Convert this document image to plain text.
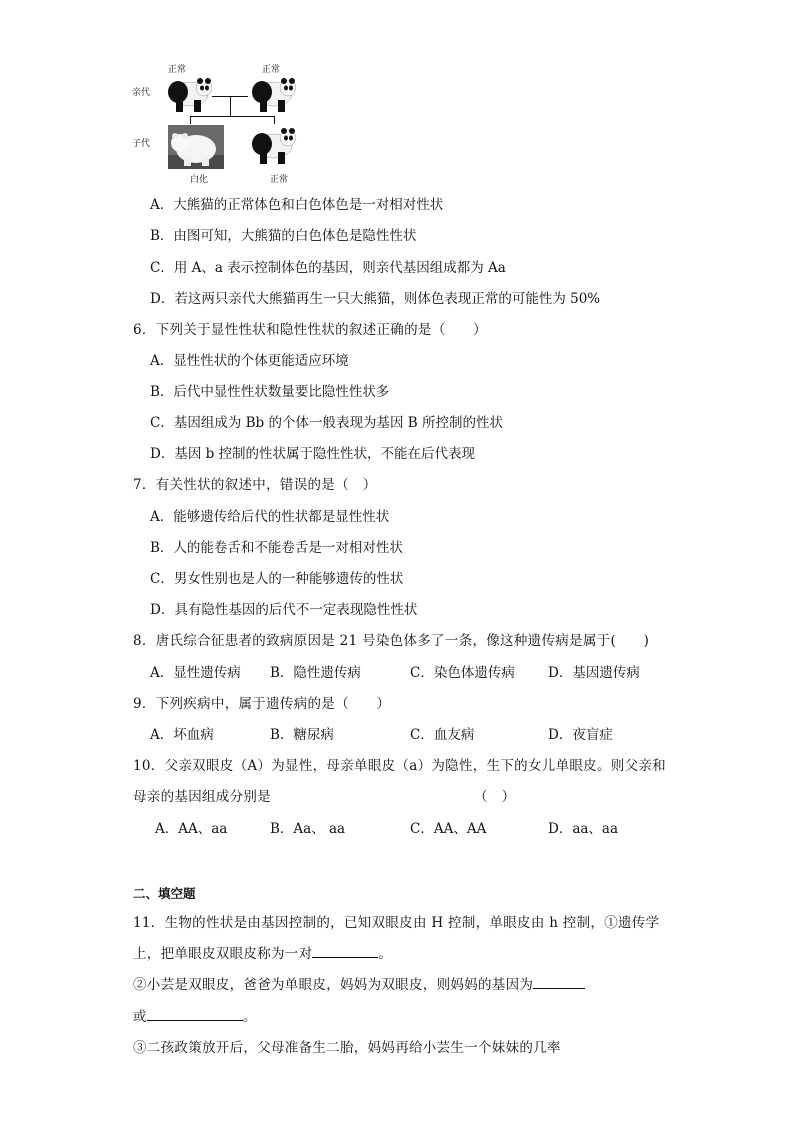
正常	正常
亲代
子代
白化	正常
A．大熊猫的正常体色和白色体色是一对相对性状
B．由图可知，大熊猫的白色体色是隐性性状
C．用 A、a 表示控制体色的基因，则亲代基因组成都为 Aa
D．若这两只亲代大熊猫再生一只大熊猫，则体色表现正常的可能性为 50%
6．下列关于显性性状和隐性性状的叙述正确的是（　　）
A．显性性状的个体更能适应环境
B．后代中显性性状数量要比隐性性状多
C．基因组成为 Bb 的个体一般表现为基因 B 所控制的性状
D．基因 b 控制的性状属于隐性性状，不能在后代表现
7．有关性状的叙述中，错误的是（　）
A．能够遗传给后代的性状都是显性性状
B．人的能卷舌和不能卷舌是一对相对性状
C．男女性别也是人的一种能够遗传的性状
D．具有隐性基因的后代不一定表现隐性性状
8．唐氏综合征患者的致病原因是 21 号染色体多了一条，像这种遗传病是属于(　　)
A．显性遗传病 B．隐性遗传病	C．染色体遗传病 D．基因遗传病
9．下列疾病中，属于遗传病的是（　　）
A．坏血病	B．糖尿病	C．血友病	D．夜盲症
10．父亲双眼皮（A）为显性，母亲单眼皮（a）为隐性，生下的女儿单眼皮。则父亲和
母亲的基因组成分别是	（　）
A．AA、aa	B．Aa、 aa	C．AA、AA	D．aa、aa
二、填空题
11．生物的性状是由基因控制的，已知双眼皮由 H 控制，单眼皮由 h 控制，①遗传学
上，把单眼皮双眼皮称为一对	。
②小芸是双眼皮，爸爸为单眼皮，妈妈为双眼皮，则妈妈的基因为
或	。
③二孩政策放开后，父母准备生二胎，妈妈再给小芸生一个妹妹的几率
